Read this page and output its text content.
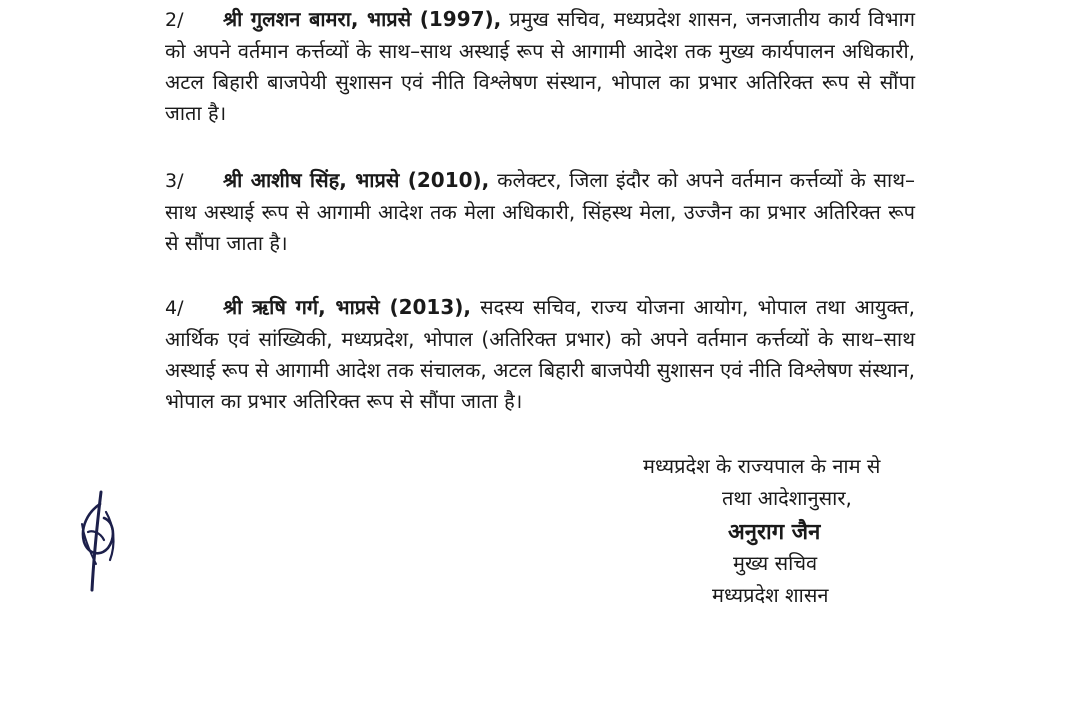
2/ श्री गुलशन बामरा, भाप्रसे (1997), प्रमुख सचिव, मध्यप्रदेश शासन, जनजातीय कार्य विभाग को अपने वर्तमान कर्त्तव्यों के साथ–साथ अस्थाई रूप से आगामी आदेश तक मुख्य कार्यपालन अधिकारी, अटल बिहारी बाजपेयी सुशासन एवं नीति विश्लेषण संस्थान, भोपाल का प्रभार अतिरिक्त रूप से सौंपा जाता है।

3/ श्री आशीष सिंह, भाप्रसे (2010), कलेक्टर, जिला इंदौर को अपने वर्तमान कर्त्तव्यों के साथ–साथ अस्थाई रूप से आगामी आदेश तक मेला अधिकारी, सिंहस्थ मेला, उज्जैन का प्रभार अतिरिक्त रूप से सौंपा जाता है।

4/ श्री ऋषि गर्ग, भाप्रसे (2013), सदस्य सचिव, राज्य योजना आयोग, भोपाल तथा आयुक्त, आर्थिक एवं सांख्यिकी, मध्यप्रदेश, भोपाल (अतिरिक्त प्रभार) को अपने वर्तमान कर्त्तव्यों के साथ–साथ अस्थाई रूप से आगामी आदेश तक संचालक, अटल बिहारी बाजपेयी सुशासन एवं नीति विश्लेषण संस्थान, भोपाल का प्रभार अतिरिक्त रूप से सौंपा जाता है।

मध्यप्रदेश के राज्यपाल के नाम से
तथा आदेशानुसार,
अनुराग जैन
मुख्य सचिव
मध्यप्रदेश शासन
